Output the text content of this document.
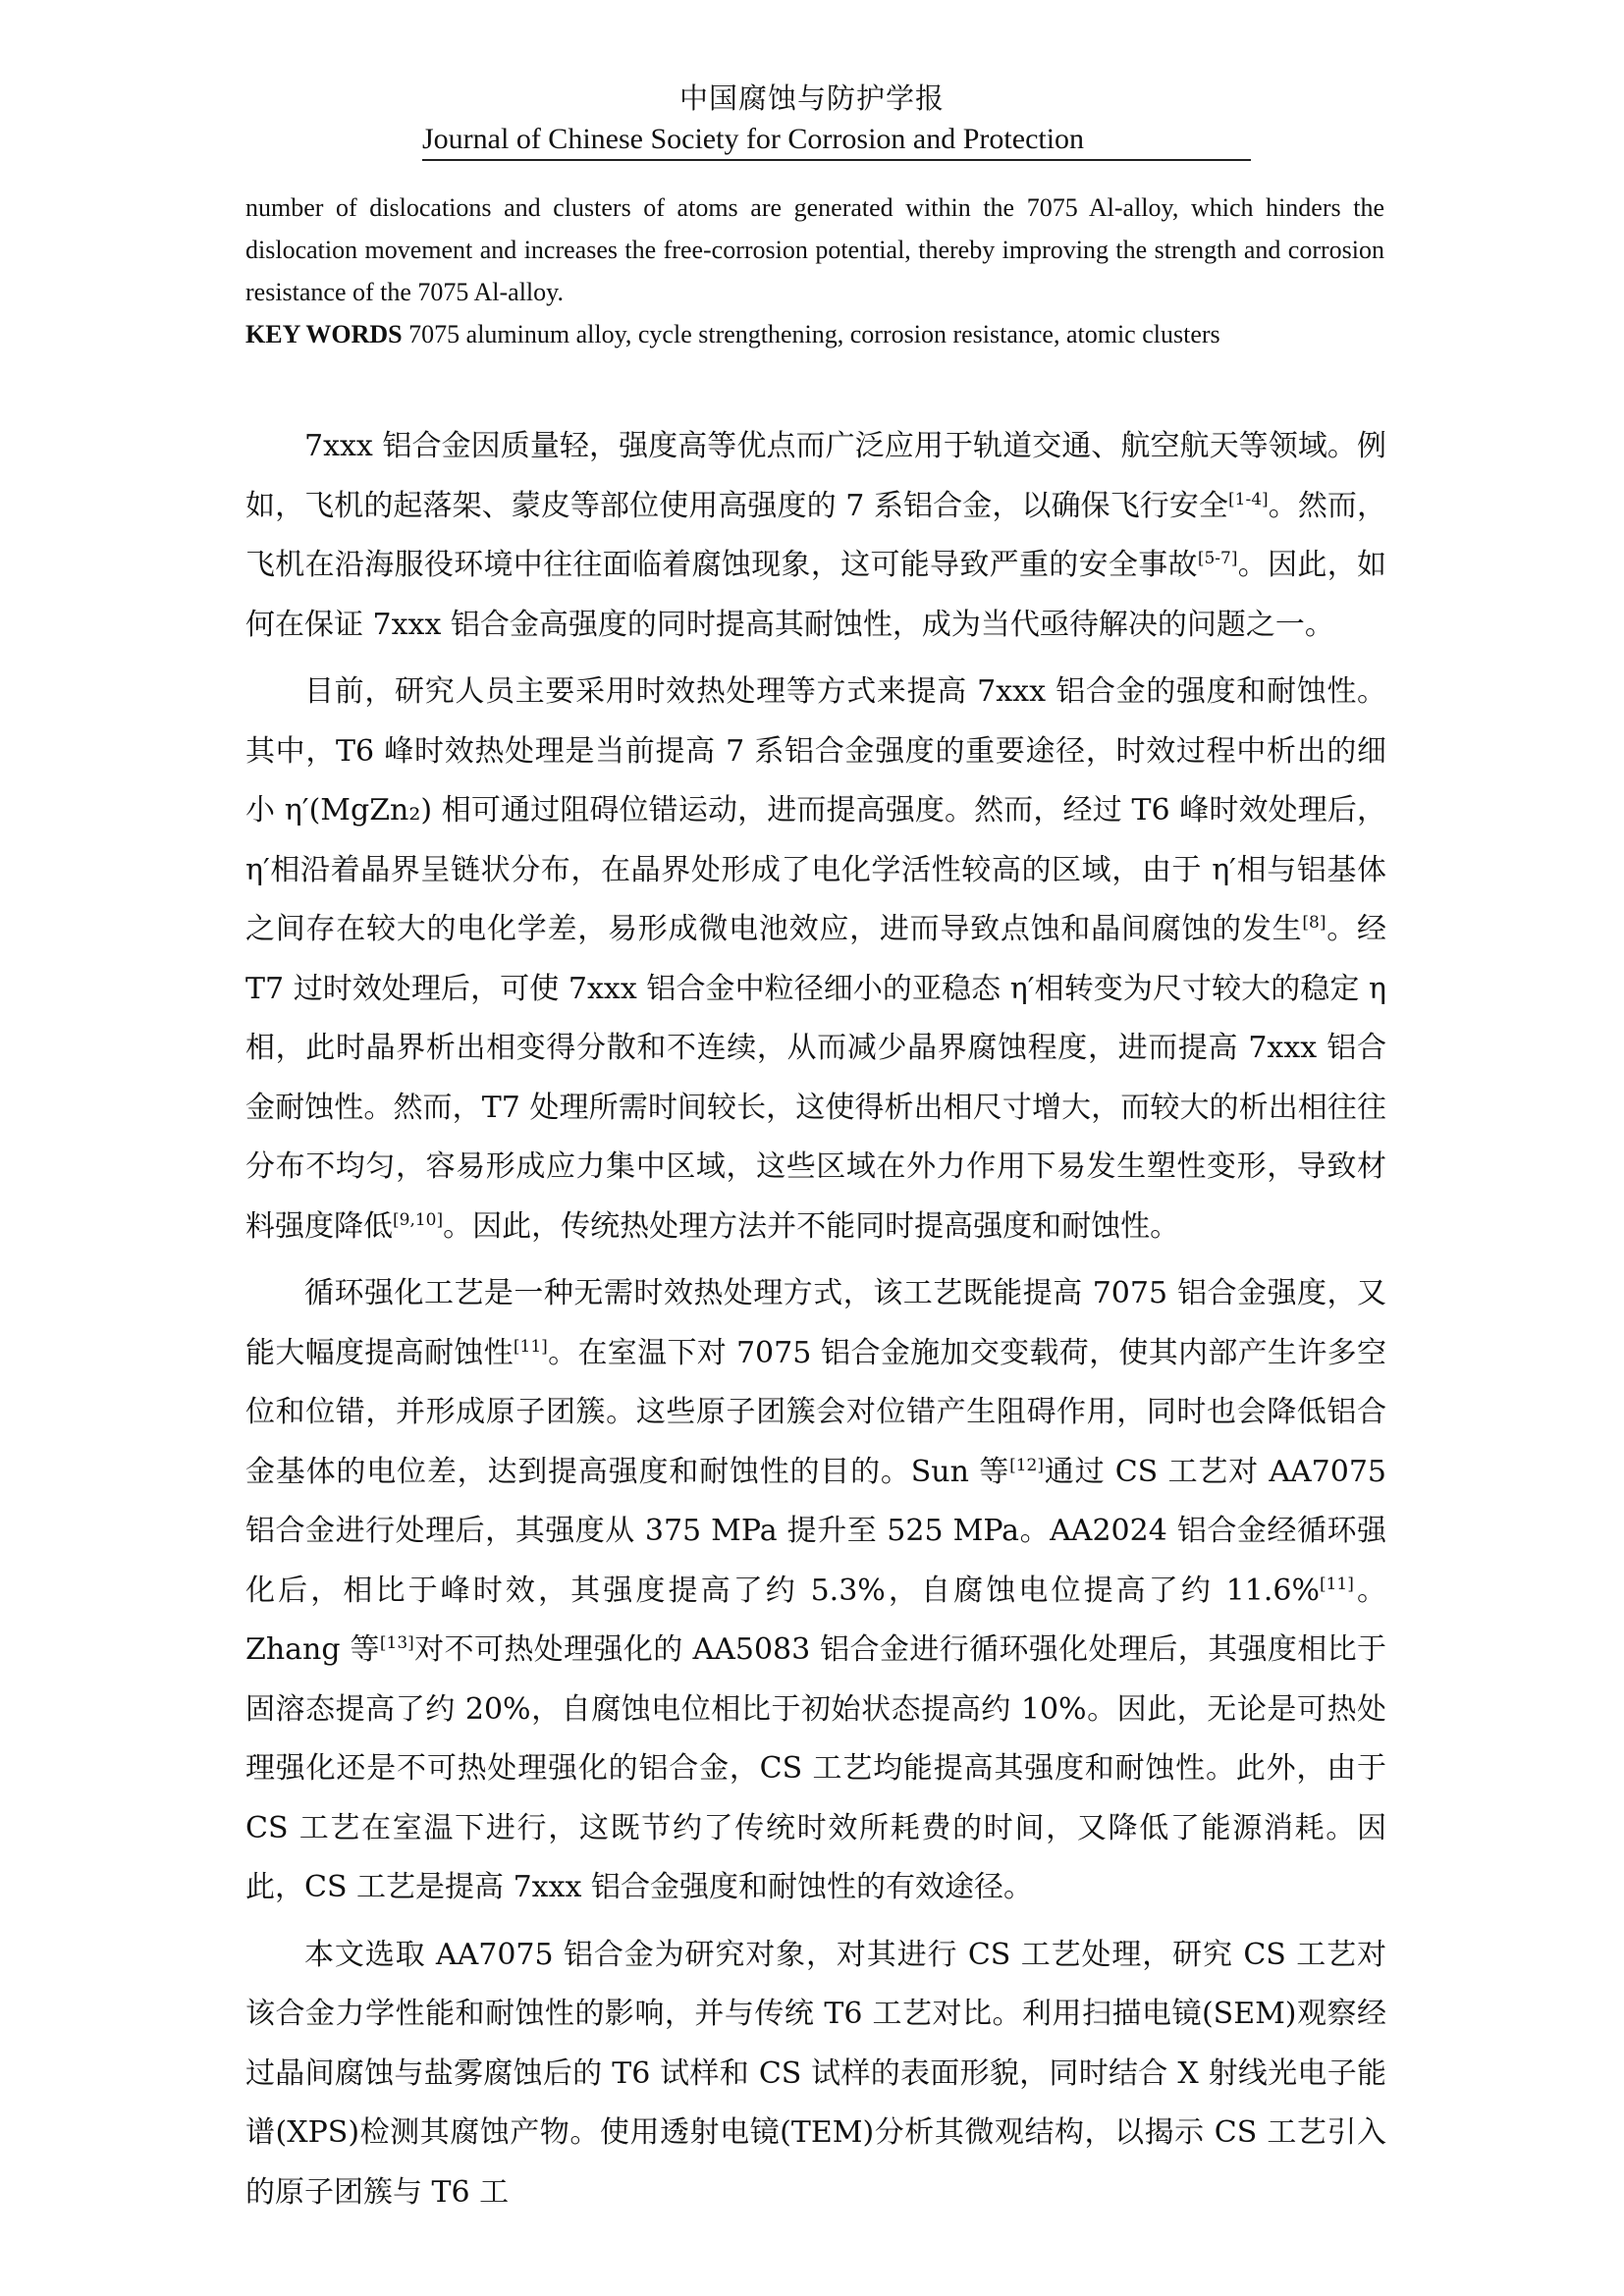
中国腐蚀与防护学报
Journal of Chinese Society for Corrosion and Protection

number of dislocations and clusters of atoms are generated within the 7075 Al-alloy, which hinders the dislocation movement and increases the free-corrosion potential, thereby improving the strength and corrosion resistance of the 7075 Al-alloy.

KEY WORDS 7075 aluminum alloy, cycle strengthening, corrosion resistance, atomic clusters

7xxx 铝合金因质量轻，强度高等优点而广泛应用于轨道交通、航空航天等领域。例如，飞机的起落架、蒙皮等部位使用高强度的 7 系铝合金，以确保飞行安全[1-4]。然而，飞机在沿海服役环境中往往面临着腐蚀现象，这可能导致严重的安全事故[5-7]。因此，如何在保证 7xxx 铝合金高强度的同时提高其耐蚀性，成为当代亟待解决的问题之一。

目前，研究人员主要采用时效热处理等方式来提高 7xxx 铝合金的强度和耐蚀性。其中，T6 峰时效热处理是当前提高 7 系铝合金强度的重要途径，时效过程中析出的细小 η′(MgZn₂) 相可通过阻碍位错运动，进而提高强度。然而，经过 T6 峰时效处理后，η′相沿着晶界呈链状分布，在晶界处形成了电化学活性较高的区域，由于 η′相与铝基体之间存在较大的电化学差，易形成微电池效应，进而导致点蚀和晶间腐蚀的发生[8]。经 T7 过时效处理后，可使 7xxx 铝合金中粒径细小的亚稳态 η′相转变为尺寸较大的稳定 η 相，此时晶界析出相变得分散和不连续，从而减少晶界腐蚀程度，进而提高 7xxx 铝合金耐蚀性。然而，T7 处理所需时间较长，这使得析出相尺寸增大，而较大的析出相往往分布不均匀，容易形成应力集中区域，这些区域在外力作用下易发生塑性变形，导致材料强度降低[9,10]。因此，传统热处理方法并不能同时提高强度和耐蚀性。

循环强化工艺是一种无需时效热处理方式，该工艺既能提高 7075 铝合金强度，又能大幅度提高耐蚀性[11]。在室温下对 7075 铝合金施加交变载荷，使其内部产生许多空位和位错，并形成原子团簇。这些原子团簇会对位错产生阻碍作用，同时也会降低铝合金基体的电位差，达到提高强度和耐蚀性的目的。Sun 等[12]通过 CS 工艺对 AA7075 铝合金进行处理后，其强度从 375 MPa 提升至 525 MPa。AA2024 铝合金经循环强化后，相比于峰时效，其强度提高了约 5.3%，自腐蚀电位提高了约 11.6%[11]。Zhang 等[13]对不可热处理强化的 AA5083 铝合金进行循环强化处理后，其强度相比于固溶态提高了约 20%，自腐蚀电位相比于初始状态提高约 10%。因此，无论是可热处理强化还是不可热处理强化的铝合金，CS 工艺均能提高其强度和耐蚀性。此外，由于 CS 工艺在室温下进行，这既节约了传统时效所耗费的时间，又降低了能源消耗。因此，CS 工艺是提高 7xxx 铝合金强度和耐蚀性的有效途径。

本文选取 AA7075 铝合金为研究对象，对其进行 CS 工艺处理，研究 CS 工艺对该合金力学性能和耐蚀性的影响，并与传统 T6 工艺对比。利用扫描电镜(SEM)观察经过晶间腐蚀与盐雾腐蚀后的 T6 试样和 CS 试样的表面形貌，同时结合 X 射线光电子能谱(XPS)检测其腐蚀产物。使用透射电镜(TEM)分析其微观结构，以揭示 CS 工艺引入的原子团簇与 T6 工
